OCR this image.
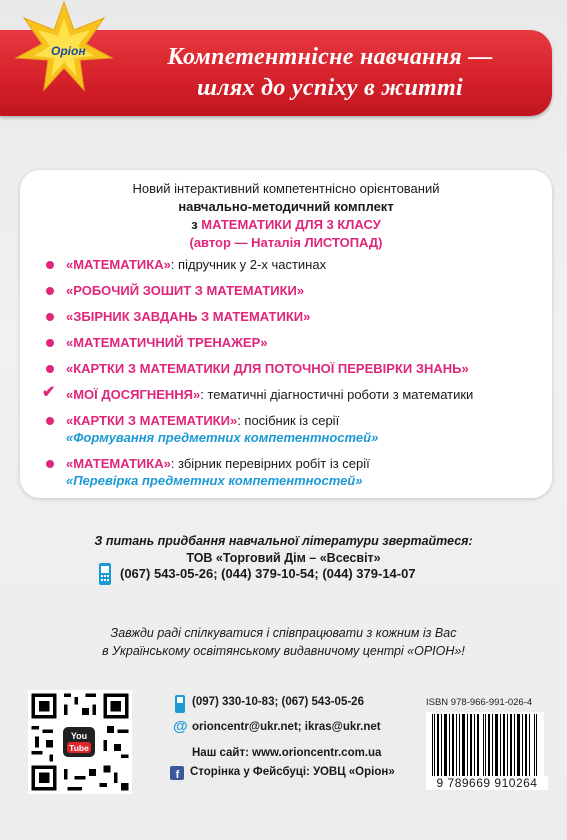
Компетентнісне навчання —
шлях до успіху в житті
Оріон
Новий інтерактивний компетентнісно орієнтований
навчально-методичний комплект
з МАТЕМАТИКИ ДЛЯ 3 КЛАСУ
(автор — Наталія ЛИСТОПАД)
«МАТЕМАТИКА»: підручник у 2-х частинах
«РОБОЧИЙ ЗОШИТ З МАТЕМАТИКИ»
«ЗБІРНИК ЗАВДАНЬ З МАТЕМАТИКИ»
«МАТЕМАТИЧНИЙ ТРЕНАЖЕР»
«КАРТКИ З МАТЕМАТИКИ ДЛЯ ПОТОЧНОЇ ПЕРЕВІРКИ ЗНАНЬ»
✔ «МОЇ ДОСЯГНЕННЯ»: тематичні діагностичні роботи з математики
«КАРТКИ З МАТЕМАТИКИ»: посібник із серії
«Формування предметних компетентностей»
«МАТЕМАТИКА»: збірник перевірних робіт із серії
«Перевірка предметних компетентностей»
З питань придбання навчальної літератури звертайтеся:
ТОВ «Торговий Дім – «Всесвіт»
(067) 543-05-26; (044) 379-10-54; (044) 379-14-07
Завжди раді спілкуватися і співпрацювати з кожним із Вас
в Українському освітянському видавничому центрі «ОРІОН»!
You
Tube
(097) 330-10-83; (067) 543-05-26
@ orioncentr@ukr.net; ikras@ukr.net
Наш сайт: www.orioncentr.com.ua
f Сторінка у Фейсбуці: УОВЦ «Оріон»
ISBN 978-966-991-026-4
9 789669 910264
